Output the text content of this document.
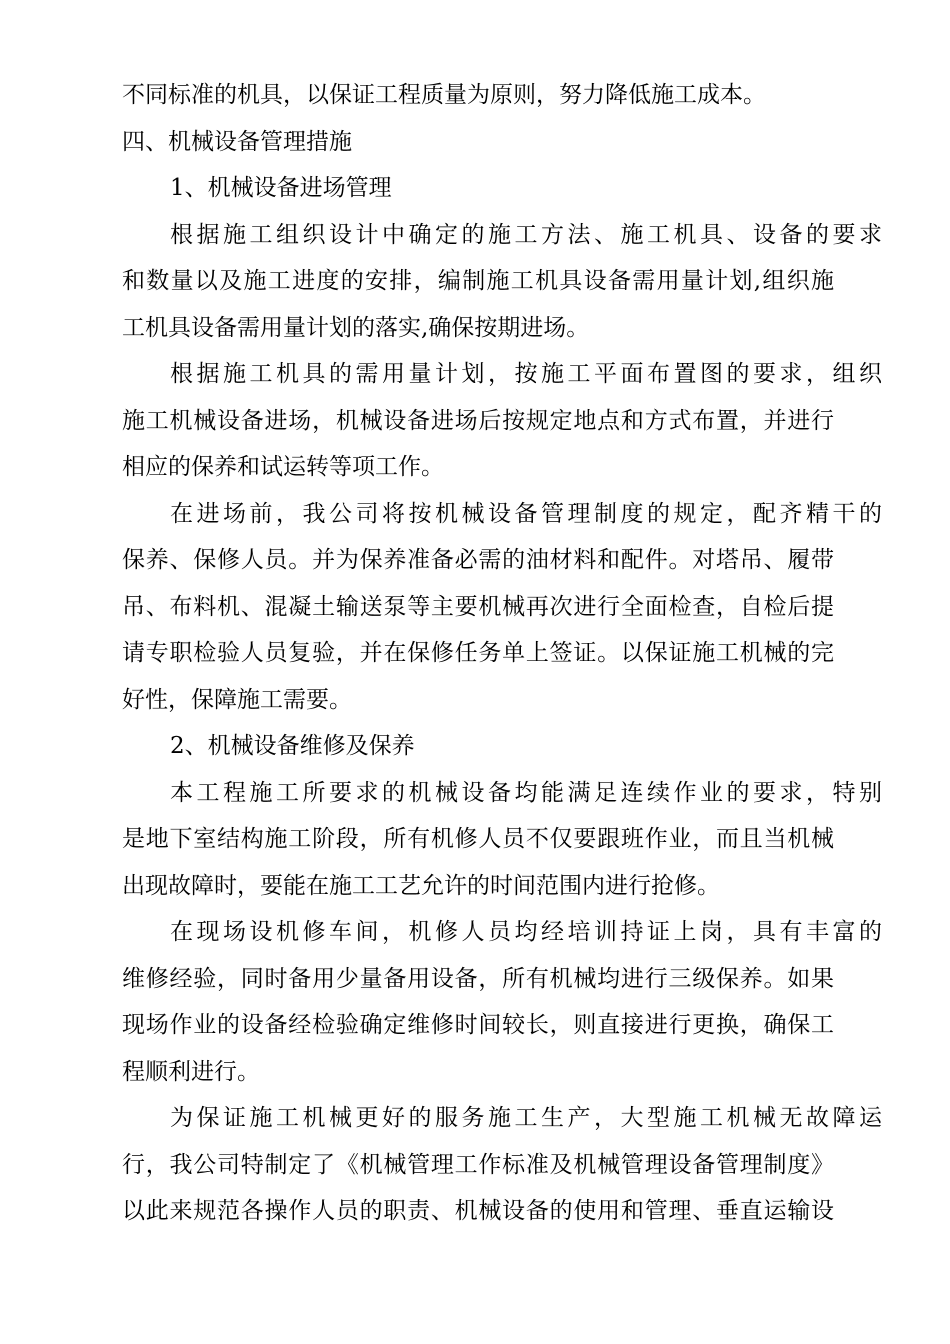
不同标准的机具，以保证工程质量为原则，努力降低施工成本。
四、机械设备管理措施
1、机械设备进场管理
根据施工组织设计中确定的施工方法、施工机具、设备的要求
和数量以及施工进度的安排，编制施工机具设备需用量计划,组织施
工机具设备需用量计划的落实,确保按期进场。
根据施工机具的需用量计划，按施工平面布置图的要求，组织
施工机械设备进场，机械设备进场后按规定地点和方式布置，并进行
相应的保养和试运转等项工作。
在进场前，我公司将按机械设备管理制度的规定，配齐精干的
保养、保修人员。并为保养准备必需的油材料和配件。对塔吊、履带
吊、布料机、混凝土输送泵等主要机械再次进行全面检查，自检后提
请专职检验人员复验，并在保修任务单上签证。以保证施工机械的完
好性，保障施工需要。
2、机械设备维修及保养
本工程施工所要求的机械设备均能满足连续作业的要求，特别
是地下室结构施工阶段，所有机修人员不仅要跟班作业，而且当机械
出现故障时，要能在施工工艺允许的时间范围内进行抢修。
在现场设机修车间，机修人员均经培训持证上岗，具有丰富的
维修经验，同时备用少量备用设备，所有机械均进行三级保养。如果
现场作业的设备经检验确定维修时间较长，则直接进行更换，确保工
程顺利进行。
为保证施工机械更好的服务施工生产，大型施工机械无故障运
行，我公司特制定了《机械管理工作标准及机械管理设备管理制度》
以此来规范各操作人员的职责、机械设备的使用和管理、垂直运输设
